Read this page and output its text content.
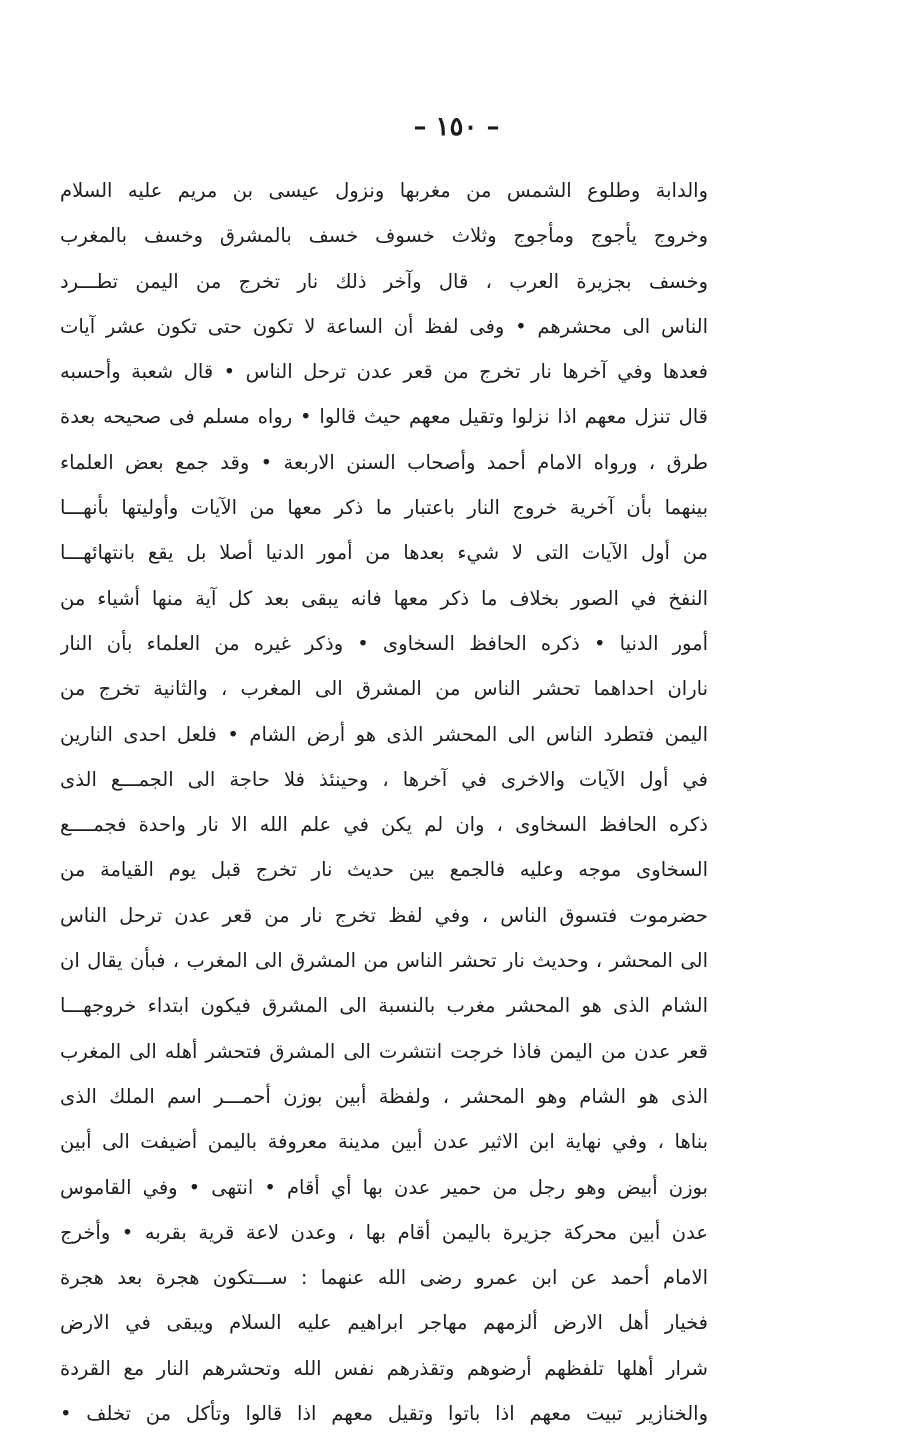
– ١٥٠ –
والدابة وطلوع الشمس من مغربها ونزول عيسى بن مريم عليه السلام
وخروج يأجوج ومأجوج وثلاث خسوف خسف بالمشرق وخسف بالمغرب
وخسف بجزيرة العرب ، قال وآخر ذلك نار تخرج من اليمن تطـــرد
الناس الى محشرهم • وفى لفظ أن الساعة لا تكون حتى تكون عشر آيات
فعدها وفي آخرها نار تخرج من قعر عدن ترحل الناس • قال شعبة وأحسبه
قال تنزل معهم اذا نزلوا وتقيل معهم حيث قالوا • رواه مسلم فى صحيحه بعدة
طرق ، ورواه الامام أحمد وأصحاب السنن الاربعة • وقد جمع بعض العلماء
بينهما بأن آخرية خروج النار باعتبار ما ذكر معها من الآيات وأوليتها بأنهـــا
من أول الآيات التى لا شيء بعدها من أمور الدنيا أصلا بل يقع بانتهائهـــا
النفخ في الصور بخلاف ما ذكر معها فانه يبقى بعد كل آية منها أشياء من
أمور الدنيا • ذكره الحافظ السخاوى • وذكر غيره من العلماء بأن النار
ناران احداهما تحشر الناس من المشرق الى المغرب ، والثانية تخرج من
اليمن فتطرد الناس الى المحشر الذى هو أرض الشام • فلعل احدى النارين
في أول الآيات والاخرى في آخرها ، وحينئذ فلا حاجة الى الجمـــع الذى
ذكره الحافظ السخاوى ، وان لم يكن في علم الله الا نار واحدة فجمــــع
السخاوى موجه وعليه فالجمع بين حديث نار تخرج قبل يوم القيامة من
حضرموت فتسوق الناس ، وفي لفظ تخرج نار من قعر عدن ترحل الناس
الى المحشر ، وحديث نار تحشر الناس من المشرق الى المغرب ، فبأن يقال ان
الشام الذى هو المحشر مغرب بالنسبة الى المشرق فيكون ابتداء خروجهـــا
قعر عدن من اليمن فاذا خرجت انتشرت الى المشرق فتحشر أهله الى المغرب
الذى هو الشام وهو المحشر ، ولفظة أبين بوزن أحمـــر اسم الملك الذى
بناها ، وفي نهاية ابن الاثير عدن أبين مدينة معروفة باليمن أضيفت الى أبين
بوزن أبيض وهو رجل من حمير عدن بها أي أقام • انتهى • وفي القاموس
عدن أبين محركة جزيرة باليمن أقام بها ، وعدن لاعة قرية بقربه • وأخرج
الامام أحمد عن ابن عمرو رضى الله عنهما : ســـتكون هجرة بعد هجرة
فخيار أهل الارض ألزمهم مهاجر ابراهيم عليه السلام ويبقى في الارض
شرار أهلها تلفظهم أرضوهم وتقذرهم نفس الله وتحشرهم النار مع القردة
والخنازير تبيت معهم اذا باتوا وتقيل معهم اذا قالوا وتأكل من تخلف •
